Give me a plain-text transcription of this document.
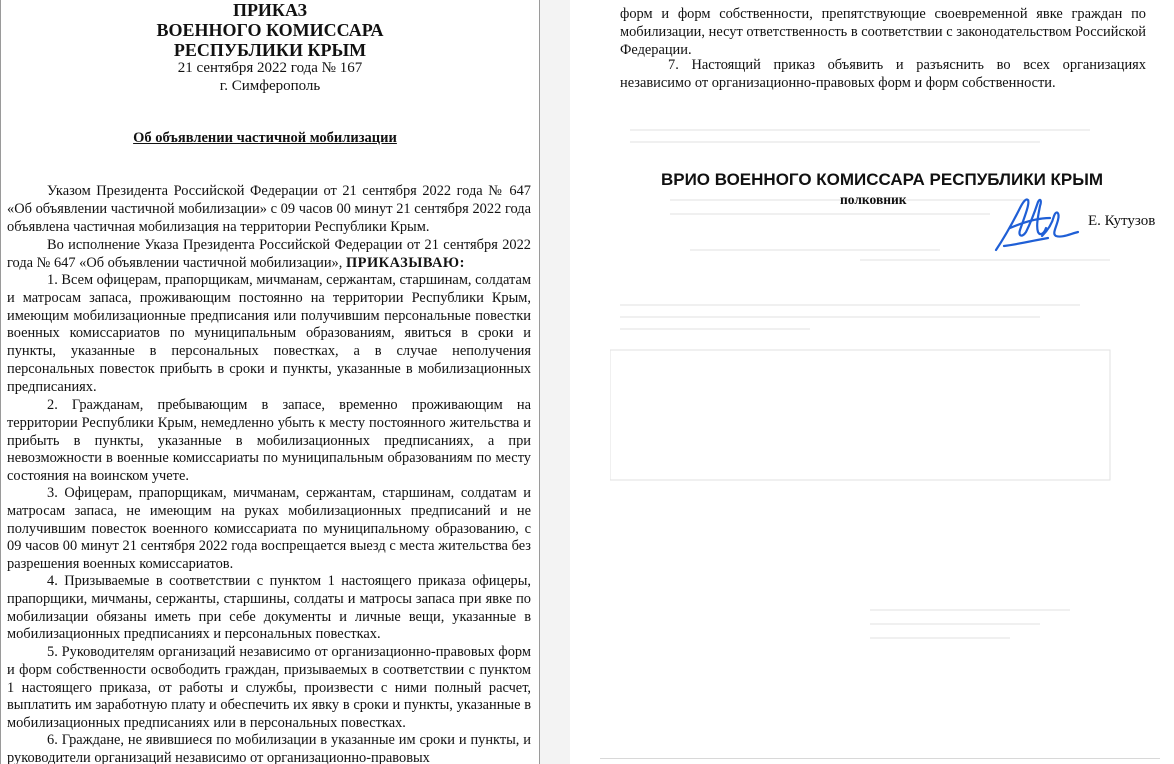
ПРИКАЗ
ВОЕННОГО КОМИССАРА
РЕСПУБЛИКИ КРЫМ
21 сентября 2022 года № 167
г. Симферополь
Об объявлении частичной мобилизации

Указом Президента Российской Федерации от 21 сентября 2022 года № 647 «Об объявлении частичной мобилизации» с 09 часов 00 минут 21 сентября 2022 года объявлена частичная мобилизация на территории Республики Крым.

Во исполнение Указа Президента Российской Федерации от 21 сентября 2022 года № 647 «Об объявлении частичной мобилизации», ПРИКАЗЫВАЮ:

1. Всем офицерам, прапорщикам, мичманам, сержантам, старшинам, солдатам и матросам запаса, проживающим постоянно на территории Республики Крым, имеющим мобилизационные предписания или получившим персональные повестки военных комиссариатов по муниципальным образованиям, явиться в сроки и пункты, указанные в персональных повестках, а в случае неполучения персональных повесток прибыть в сроки и пункты, указанные в мобилизационных предписаниях.

2. Гражданам, пребывающим в запасе, временно проживающим на территории Республики Крым, немедленно убыть к месту постоянного жительства и прибыть в пункты, указанные в мобилизационных предписаниях, а при невозможности в военные комиссариаты по муниципальным образованиям по месту состояния на воинском учете.

3. Офицерам, прапорщикам, мичманам, сержантам, старшинам, солдатам и матросам запаса, не имеющим на руках мобилизационных предписаний и не получившим повесток военного комиссариата по муниципальному образованию, с 09 часов 00 минут 21 сентября 2022 года воспрещается выезд с места жительства без разрешения военных комиссариатов.

4. Призываемые в соответствии с пунктом 1 настоящего приказа офицеры, прапорщики, мичманы, сержанты, старшины, солдаты и матросы запаса при явке по мобилизации обязаны иметь при себе документы и личные вещи, указанные в мобилизационных предписаниях и персональных повестках.

5. Руководителям организаций независимо от организационно-правовых форм и форм собственности освободить граждан, призываемых в соответствии с пунктом 1 настоящего приказа, от работы и службы, произвести с ними полный расчет, выплатить им заработную плату и обеспечить их явку в сроки и пункты, указанные в мобилизационных предписаниях или в персональных повестках.

6. Граждане, не явившиеся по мобилизации в указанные им сроки и пункты, и руководители организаций независимо от организационно-правовых

форм и форм собственности, препятствующие своевременной явке граждан по мобилизации, несут ответственность в соответствии с законодательством Российской Федерации.

7. Настоящий приказ объявить и разъяснить во всех организациях независимо от организационно-правовых форм и форм собственности.

ВРИО ВОЕННОГО КОМИССАРА РЕСПУБЛИКИ КРЫМ
полковник
Е. Кутузов
